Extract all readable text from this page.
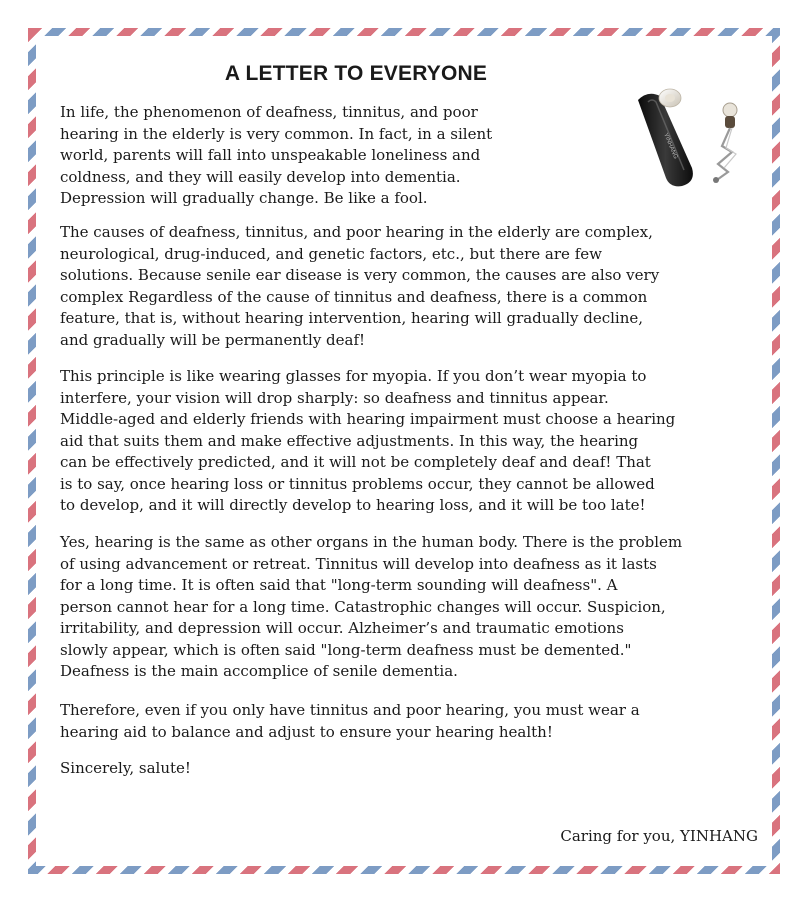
A LETTER TO EVERYONE
YINHANG
In life, the phenomenon of deafness, tinnitus, and poor
hearing in the elderly is very common. In fact, in a silent
world, parents will fall into unspeakable loneliness and
coldness, and they will easily develop into dementia.
Depression will gradually change. Be like a fool.
The causes of deafness, tinnitus, and poor hearing in the elderly are complex,
neurological, drug-induced, and genetic factors, etc., but there are few
solutions. Because senile ear disease is very common, the causes are also very
complex Regardless of the cause of tinnitus and deafness, there is a common
feature, that is, without hearing intervention, hearing will gradually decline,
and gradually will be permanently deaf!
This principle is like wearing glasses for myopia. If you don’t wear myopia to
interfere, your vision will drop sharply: so deafness and tinnitus appear.
Middle-aged and elderly friends with hearing impairment must choose a hearing
aid that suits them and make effective adjustments. In this way, the hearing
can be effectively predicted, and it will not be completely deaf and deaf! That
is to say, once hearing loss or tinnitus problems occur, they cannot be allowed
to develop, and it will directly develop to hearing loss, and it will be too late!
Yes, hearing is the same as other organs in the human body. There is the problem
of using advancement or retreat. Tinnitus will develop into deafness as it lasts
for a long time. It is often said that "long-term sounding will deafness". A
person cannot hear for a long time. Catastrophic changes will occur. Suspicion,
irritability, and depression will occur. Alzheimer’s and traumatic emotions
slowly appear, which is often said "long-term deafness must be demented."
Deafness is the main accomplice of senile dementia.
Therefore, even if you only have tinnitus and poor hearing, you must wear a
hearing aid to balance and adjust to ensure your hearing health!
Sincerely, salute!
Caring for you, YINHANG
